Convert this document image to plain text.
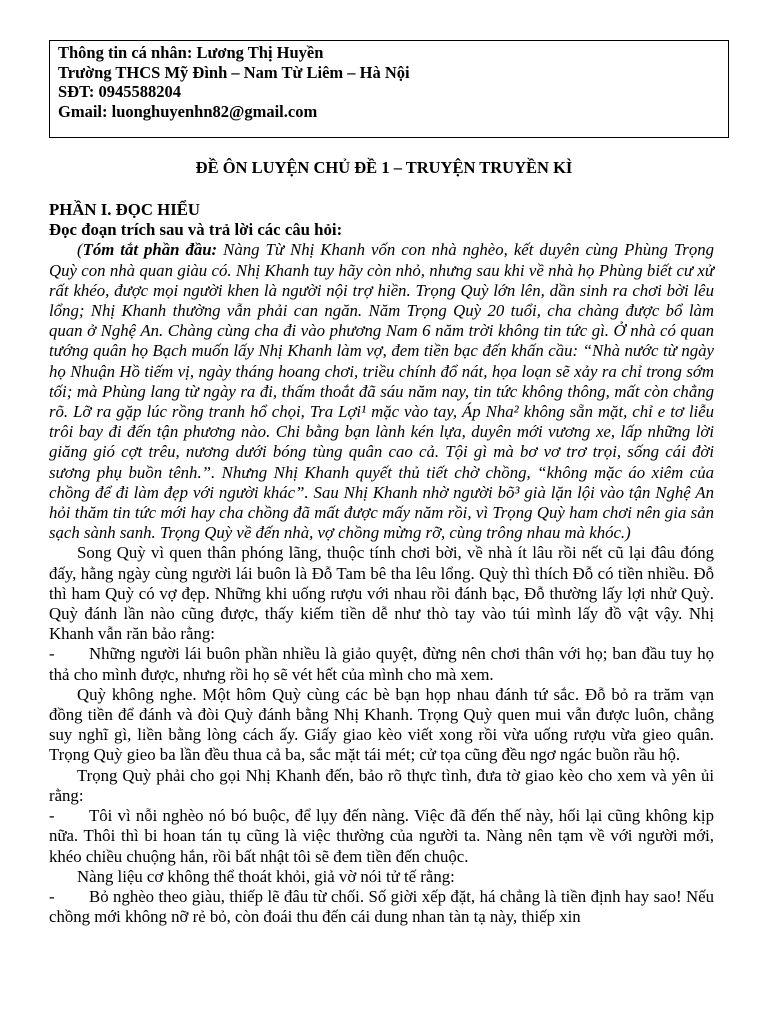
Thông tin cá nhân: Lương Thị Huyền
Trường THCS Mỹ Đình – Nam Từ Liêm – Hà Nội
SĐT: 0945588204
Gmail: luonghuyenhn82@gmail.com
ĐỀ ÔN LUYỆN CHỦ ĐỀ 1 – TRUYỆN TRUYỀN KÌ
PHẦN I. ĐỌC HIỂU
Đọc đoạn trích sau và trả lời các câu hỏi:

(Tóm tắt phần đầu: Nàng Từ Nhị Khanh vốn con nhà nghèo, kết duyên cùng Phùng Trọng Quỳ con nhà quan giàu có. Nhị Khanh tuy hãy còn nhỏ, nhưng sau khi về nhà họ Phùng biết cư xử rất khéo, được mọi người khen là người nội trợ hiền. Trọng Quỳ lớn lên, dần sinh ra chơi bời lêu lổng; Nhị Khanh thường vẫn phải can ngăn. Năm Trọng Quỳ 20 tuổi, cha chàng được bổ làm quan ở Nghệ An. Chàng cùng cha đi vào phương Nam 6 năm trời không tin tức gì. Ở nhà có quan tướng quân họ Bạch muốn lấy Nhị Khanh làm vợ, đem tiền bạc đến khấn cầu: “Nhà nước từ ngày họ Nhuận Hồ tiếm vị, ngày tháng hoang chơi, triều chính đổ nát, họa loạn sẽ xảy ra chỉ trong sớm tối; mà Phùng lang từ ngày ra đi, thấm thoắt đã sáu năm nay, tin tức không thông, mất còn chẳng rõ. Lỡ ra gặp lúc rồng tranh hổ chọi, Tra Lợi¹ mặc vào tay, Áp Nha² không sẵn mặt, chỉ e tơ liễu trôi bay đi đến tận phương nào. Chi bằng bạn lành kén lựa, duyên mới vương xe, lấp những lời giăng gió cợt trêu, nương dưới bóng tùng quân cao cả. Tội gì mà bơ vơ trơ trọi, sống cái đời sương phụ buồn tênh.”. Nhưng Nhị Khanh quyết thủ tiết chờ chồng, “không mặc áo xiêm của chồng để đi làm đẹp với người khác”. Sau Nhị Khanh nhờ người bõ³ già lặn lội vào tận Nghệ An hỏi thăm tin tức mới hay cha chồng đã mất được mấy năm rồi, vì Trọng Quỳ ham chơi nên gia sản sạch sành sanh. Trọng Quỳ về đến nhà, vợ chồng mừng rỡ, cùng trông nhau mà khóc.)

Song Quỳ vì quen thân phóng lãng, thuộc tính chơi bời, về nhà ít lâu rồi nết cũ lại đâu đóng đấy, hằng ngày cùng người lái buôn là Đỗ Tam bê tha lêu lổng. Quỳ thì thích Đỗ có tiền nhiều. Đỗ thì ham Quỳ có vợ đẹp. Những khi uống rượu với nhau rồi đánh bạc, Đỗ thường lấy lợi nhử Quỳ. Quỳ đánh lần nào cũng được, thấy kiếm tiền dễ như thò tay vào túi mình lấy đồ vật vậy. Nhị Khanh vẫn răn bảo rằng:

- Những người lái buôn phần nhiều là giảo quyệt, đừng nên chơi thân với họ; ban đầu tuy họ thả cho mình được, nhưng rồi họ sẽ vét hết của mình cho mà xem.

Quỳ không nghe. Một hôm Quỳ cùng các bè bạn họp nhau đánh tứ sắc. Đỗ bỏ ra trăm vạn đồng tiền để đánh và đòi Quỳ đánh bằng Nhị Khanh. Trọng Quỳ quen mui vẫn được luôn, chẳng suy nghĩ gì, liền bằng lòng cách ấy. Giấy giao kèo viết xong rồi vừa uống rượu vừa gieo quân. Trọng Quỳ gieo ba lần đều thua cả ba, sắc mặt tái mét; cử tọa cũng đều ngơ ngác buồn rầu hộ.

Trọng Quỳ phải cho gọi Nhị Khanh đến, bảo rõ thực tình, đưa tờ giao kèo cho xem và yên ủi rằng:

- Tôi vì nỗi nghèo nó bó buộc, để lụy đến nàng. Việc đã đến thế này, hối lại cũng không kịp nữa. Thôi thì bi hoan tán tụ cũng là việc thường của người ta. Nàng nên tạm về với người mới, khéo chiều chuộng hắn, rồi bất nhật tôi sẽ đem tiền đến chuộc.

Nàng liệu cơ không thể thoát khỏi, giả vờ nói tử tế rằng:

- Bỏ nghèo theo giàu, thiếp lẽ đâu từ chối. Số giời xếp đặt, há chẳng là tiền định hay sao! Nếu chồng mới không nỡ rẻ bỏ, còn đoái thu đến cái dung nhan tàn tạ này, thiếp xin
